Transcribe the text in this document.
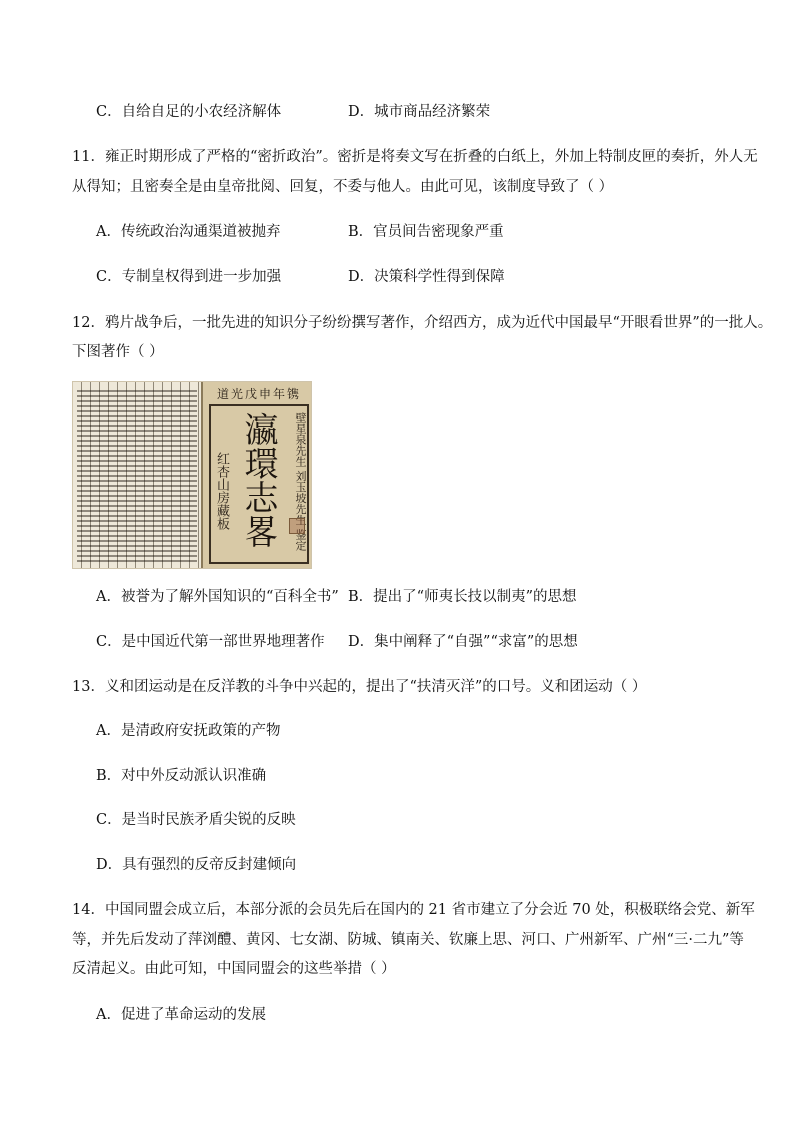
C．自给自足的小农经济解体	D．城市商品经济繁荣
11．雍正时期形成了严格的“密折政治”。密折是将奏文写在折叠的白纸上，外加上特制皮匣的奏折，外人无
从得知；且密奏全是由皇帝批阅、回复，不委与他人。由此可见，该制度导致了（ ）
A．传统政治沟通渠道被抛弃	B．官员间告密现象严重
C．专制皇权得到进一步加强	D．决策科学性得到保障
12．鸦片战争后，一批先进的知识分子纷纷撰写著作，介绍西方，成为近代中国最早“开眼看世界”的一批人。
下图著作（ ）
道光戊申年镌
壁星泉先生 刘玉坡先生 鉴定
瀛環志畧
红杏山房藏板
A．被誉为了解外国知识的“百科全书” B．提出了“师夷长技以制夷”的思想
C．是中国近代第一部世界地理著作 D．集中阐释了“自强”“求富”的思想
13．义和团运动是在反洋教的斗争中兴起的，提出了“扶清灭洋”的口号。义和团运动（ ）
A．是清政府安抚政策的产物
B．对中外反动派认识准确
C．是当时民族矛盾尖锐的反映
D．具有强烈的反帝反封建倾向
14．中国同盟会成立后，本部分派的会员先后在国内的 21 省市建立了分会近 70 处，积极联络会党、新军
等，并先后发动了萍浏醴、黄冈、七女湖、防城、镇南关、钦廉上思、河口、广州新军、广州“三·二九”等
反清起义。由此可知，中国同盟会的这些举措（ ）
A．促进了革命运动的发展
